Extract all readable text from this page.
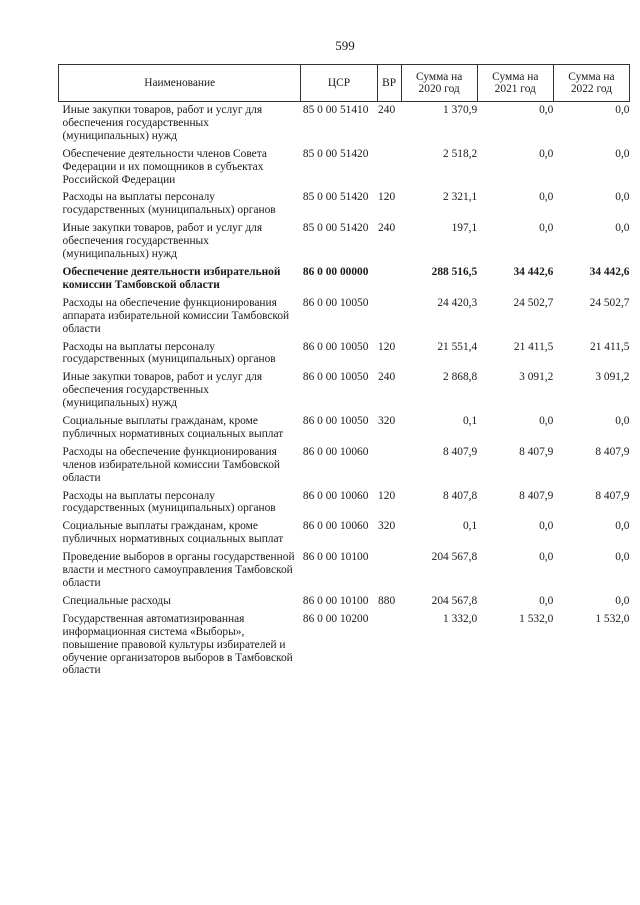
599
Наименование	ЦСР	ВР	Сумма на 2020 год	Сумма на 2021 год	Сумма на 2022 год
Иные закупки товаров, работ и услуг для обеспечения государственных (муниципальных) нужд	85 0 00 51410	240	1 370,9	0,0	0,0
Обеспечение деятельности членов Совета Федерации и их помощников в субъектах Российской Федерации	85 0 00 51420		2 518,2	0,0	0,0
Расходы на выплаты персоналу государственных (муниципальных) органов	85 0 00 51420	120	2 321,1	0,0	0,0
Иные закупки товаров, работ и услуг для обеспечения государственных (муниципальных) нужд	85 0 00 51420	240	197,1	0,0	0,0
Обеспечение деятельности избирательной комиссии Тамбовской области	86 0 00 00000		288 516,5	34 442,6	34 442,6
Расходы на обеспечение функционирования аппарата избирательной комиссии Тамбовской области	86 0 00 10050		24 420,3	24 502,7	24 502,7
Расходы на выплаты персоналу государственных (муниципальных) органов	86 0 00 10050	120	21 551,4	21 411,5	21 411,5
Иные закупки товаров, работ и услуг для обеспечения государственных (муниципальных) нужд	86 0 00 10050	240	2 868,8	3 091,2	3 091,2
Социальные выплаты гражданам, кроме публичных нормативных социальных выплат	86 0 00 10050	320	0,1	0,0	0,0
Расходы на обеспечение функционирования членов избирательной комиссии Тамбовской области	86 0 00 10060		8 407,9	8 407,9	8 407,9
Расходы на выплаты персоналу государственных (муниципальных) органов	86 0 00 10060	120	8 407,8	8 407,9	8 407,9
Социальные выплаты гражданам, кроме публичных нормативных социальных выплат	86 0 00 10060	320	0,1	0,0	0,0
Проведение выборов в органы государственной власти и местного самоуправления Тамбовской области	86 0 00 10100		204 567,8	0,0	0,0
Специальные расходы	86 0 00 10100	880	204 567,8	0,0	0,0
Государственная автоматизированная информационная система «Выборы», повышение правовой культуры избирателей и обучение организаторов выборов в Тамбовской области	86 0 00 10200		1 332,0	1 532,0	1 532,0
